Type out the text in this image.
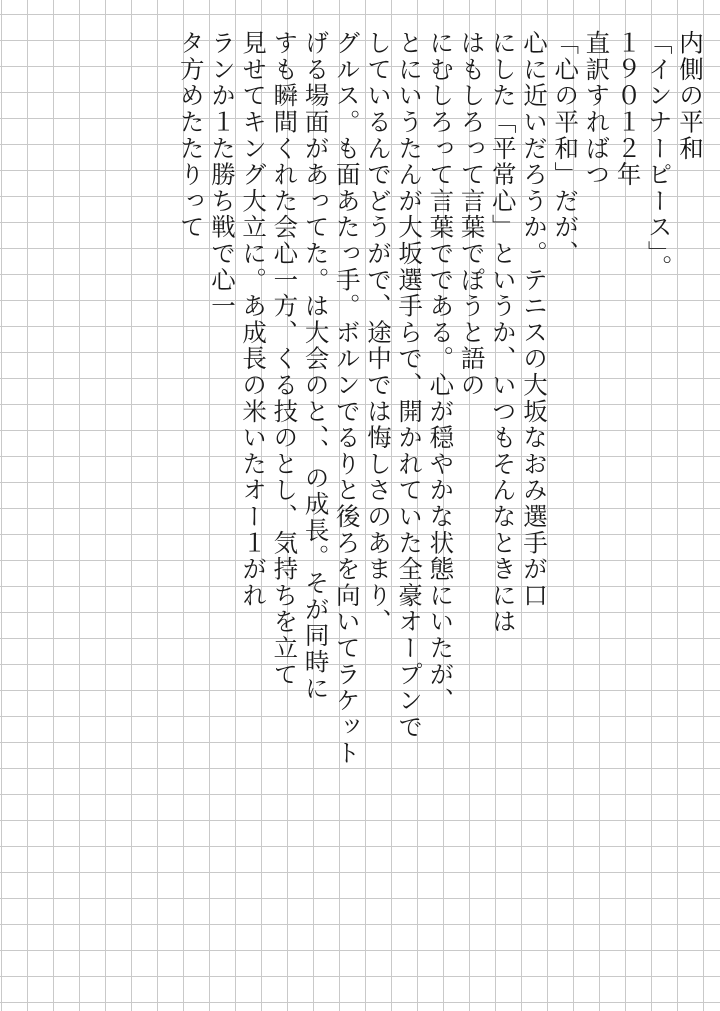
内側の平和
「インナーピース」。
１９０１２年
直訳すればつ
「心の平和」だが、
心に近いだろうか。テニスの大坂なおみ選手が口
にした「平常心」というか、いつもそんなときには
はもしろって言葉でぽうと語の
にむしろって言葉でである。心が穏やかな状態にいたが、
とにいうたんが大坂選手らで、開かれていた全豪オープンで
しているんでどうがで、途中では悔しさのあまり、
グルス。も面あたっ手。ボルンでるりと後ろを向いてラケット
げる場面があってた。は大会のと、、の成長。そが同時に
すも瞬間くれた会心一方、くる技のとし、気持ちを立て
見せてキング大立に。あ成長の米いたオー１がれ
ランか１た勝ち戦で心一
タ方めたたりって
